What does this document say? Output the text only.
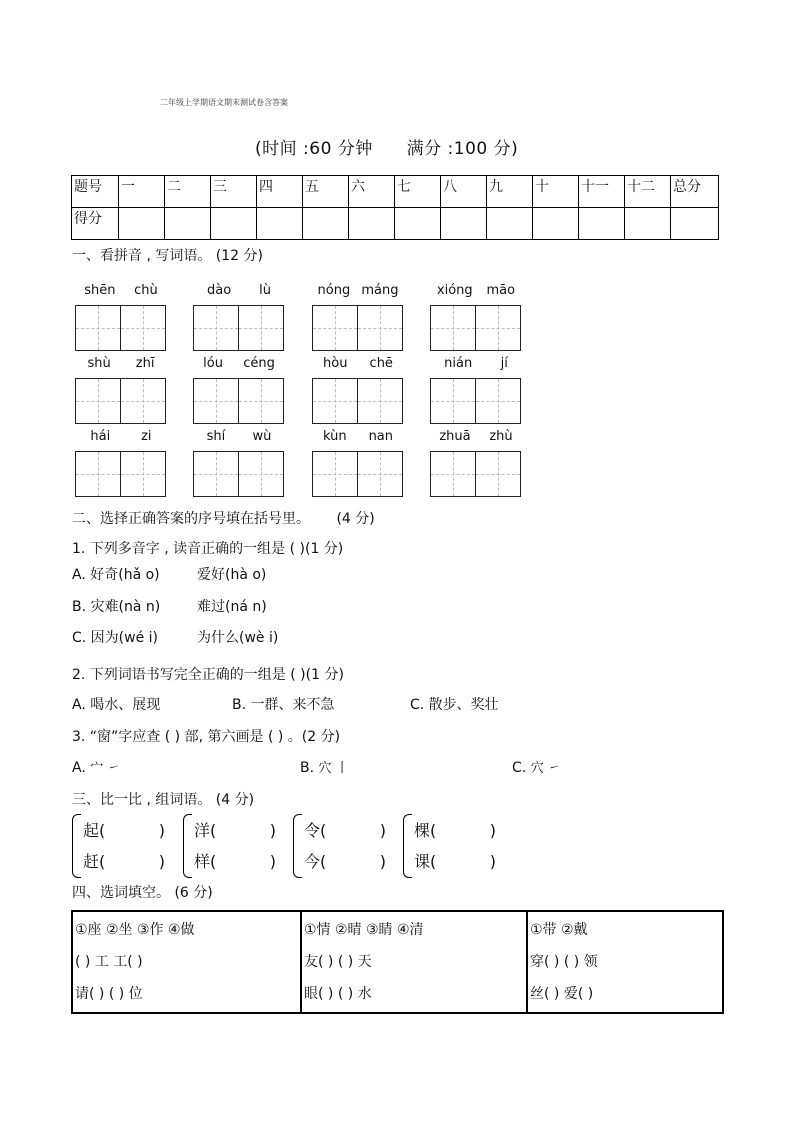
二年级上学期语文期末测试卷含答案
(时间 :60 分钟 满分 :100 分)
题号	一	二	三	四	五	六	七	八	九	十	十一	十二	总分
得分													
一、看拼音 , 写词语。 (12 分)
shēn chù	dào lù	nóng máng	xióng māo
shù zhī	lóu céng	hòu chē	nián jí
hái zi	shí wù	kùn nan	zhuā zhù
二、选择正确答案的序号填在括号里。 (4 分)
1. 下列多音字 , 读音正确的一组是 ( )(1 分)
A. 好奇(hǎ o)	爱好(hà o)
B. 灾难(nà n)	难过(ná n)
C. 因为(wé i)	为什么(wè i)
2. 下列词语书写完全正确的一组是 ( )(1 分)
A. 喝水、展现	B. 一群、来不急	C. 散步、奖壮
3. “窗”字应查 ( ) 部, 第六画是 ( ) 。(2 分)
A. 宀 ㇀	B. 穴 丨	C. 穴 ㇀
三、比一比 , 组词语。 (4 分)
起(	)
赶(	)
洋(	)
样(	)
令(	)
今(	)
棵(	)
课(	)
四、选词填空。 (6 分)
①座 ②坐 ③作 ④做
( ) 工 工( )
请( ) ( ) 位

①情 ②晴 ③睛 ④清
友( ) ( ) 天
眼( ) ( ) 水

①带 ②戴
穿( ) ( ) 领
丝( ) 爱( )
